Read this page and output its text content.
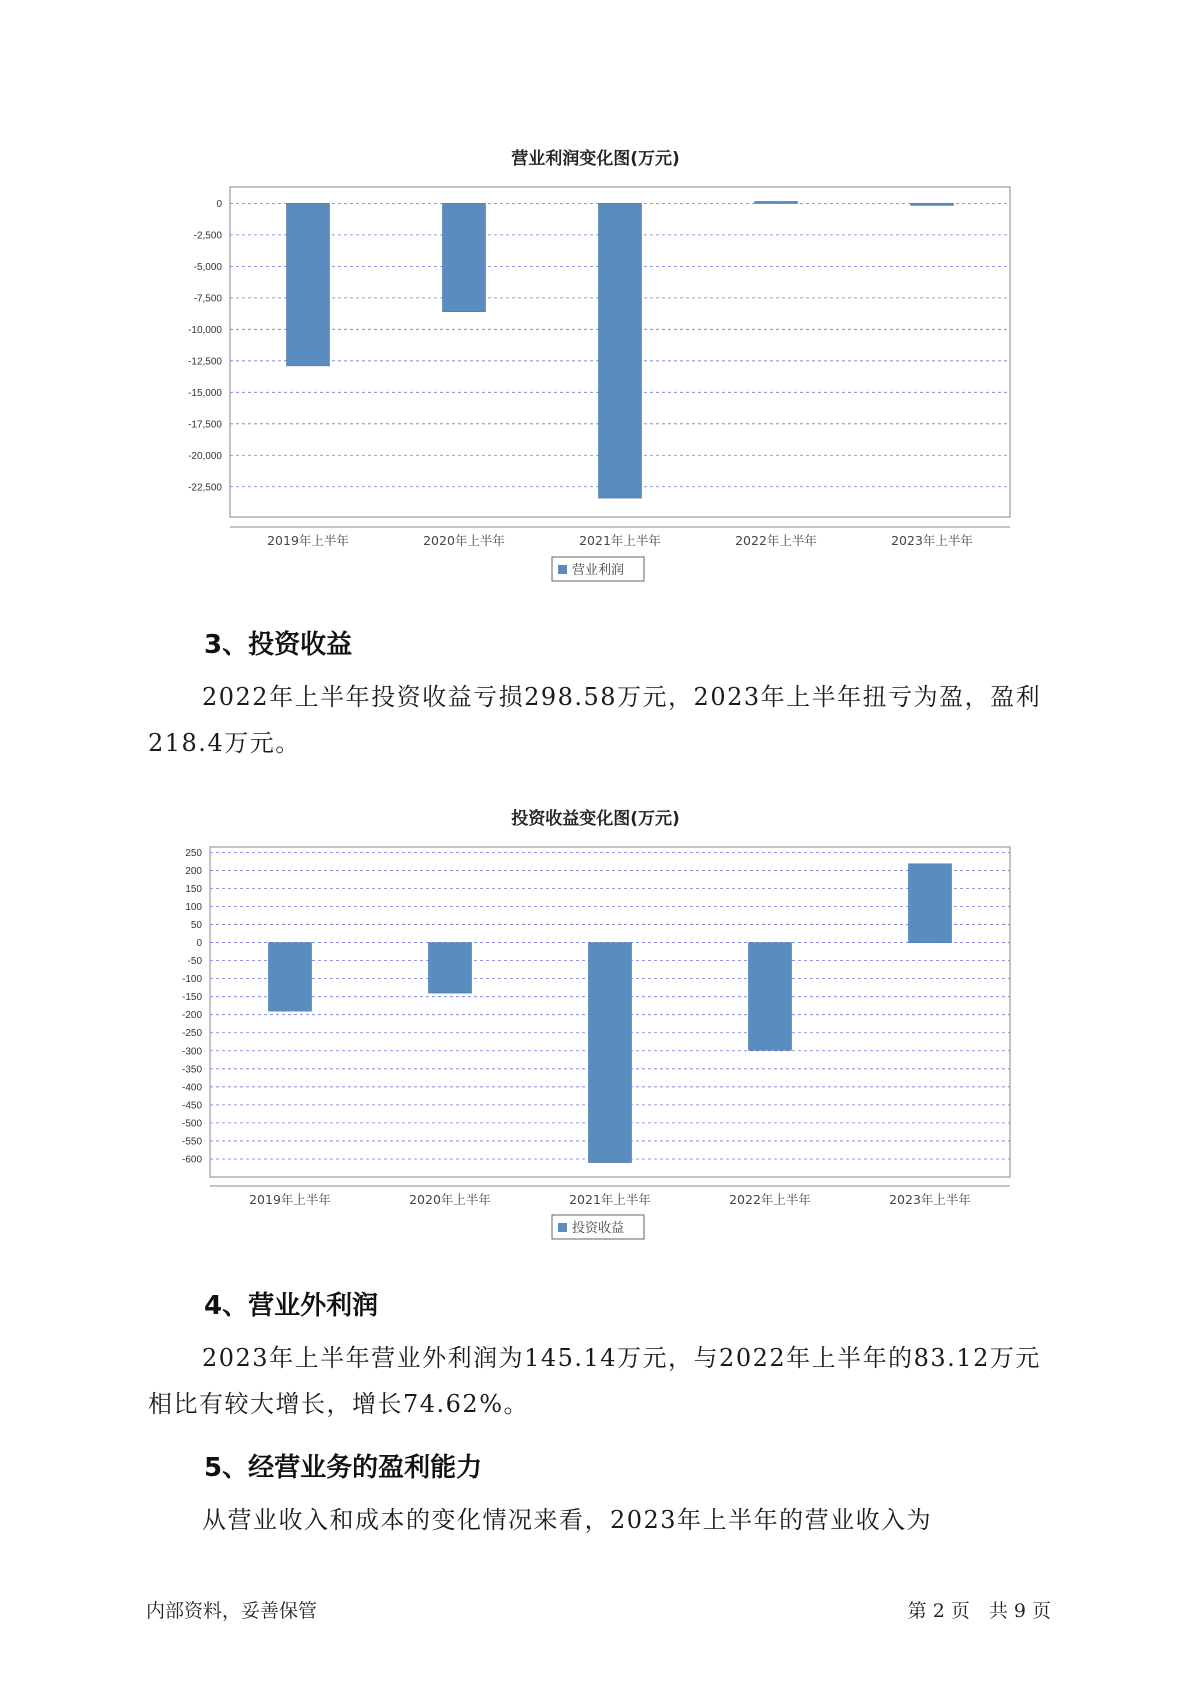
营业利润变化图(万元)
0
-2,500
-5,000
-7,500
-10,000
-12,500
-15,000
-17,500
-20,000
-22,500
2019年上半年	2020年上半年	2021年上半年	2022年上半年	2023年上半年
营业利润
3、投资收益

2022年上半年投资收益亏损298.58万元，2023年上半年扭亏为盈，盈利218.4万元。

投资收益变化图(万元)
250
200
150
100
50
0
-50
-100
-150
-200
-250
-300
-350
-400
-450
-500
-550
-600
2019年上半年	2020年上半年	2021年上半年	2022年上半年	2023年上半年
投资收益
4、营业外利润

2023年上半年营业外利润为145.14万元，与2022年上半年的83.12万元相比有较大增长，增长74.62%。

5、经营业务的盈利能力

从营业收入和成本的变化情况来看，2023年上半年的营业收入为

内部资料，妥善保管	第 2 页　共 9 页
